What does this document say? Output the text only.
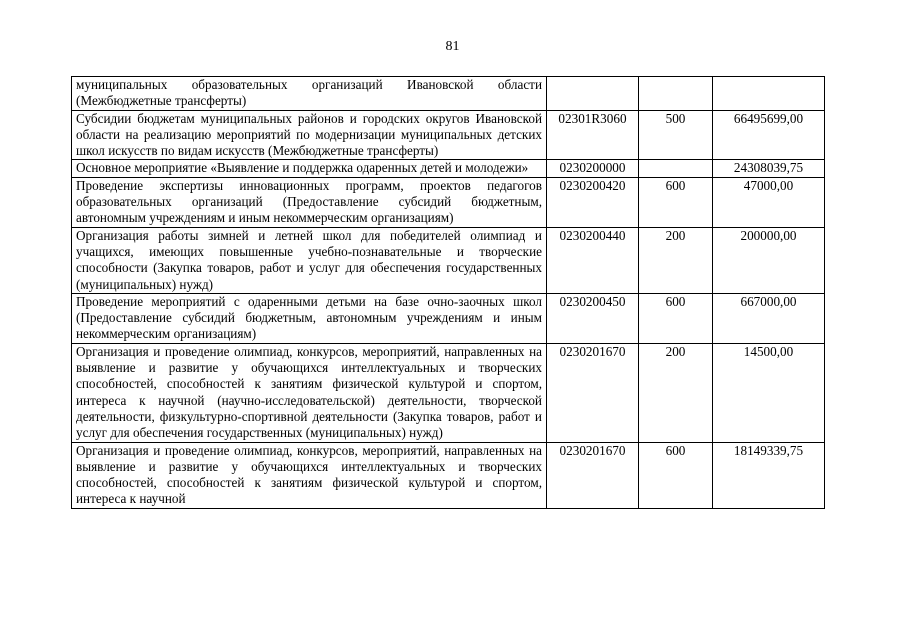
81
муниципальных образовательных организаций Ивановской области (Межбюджетные трансферты)			
Субсидии бюджетам муниципальных районов и городских округов Ивановской области на реализацию мероприятий по модернизации муниципальных детских школ искусств по видам искусств (Межбюджетные трансферты)	02301R3060	500	66495699,00
Основное мероприятие «Выявление и поддержка одаренных детей и молодежи»	0230200000		24308039,75
Проведение экспертизы инновационных программ, проектов педагогов образовательных организаций (Предоставление субсидий бюджетным, автономным учреждениям и иным некоммерческим организациям)	0230200420	600	47000,00
Организация работы зимней и летней школ для победителей олимпиад и учащихся, имеющих повышенные учебно-познавательные и творческие способности (Закупка товаров, работ и услуг для обеспечения государственных (муниципальных) нужд)	0230200440	200	200000,00
Проведение мероприятий с одаренными детьми на базе очно-заочных школ (Предоставление субсидий бюджетным, автономным учреждениям и иным некоммерческим организациям)	0230200450	600	667000,00
Организация и проведение олимпиад, конкурсов, мероприятий, направленных на выявление и развитие у обучающихся интеллектуальных и творческих способностей, способностей к занятиям физической культурой и спортом, интереса к научной (научно-исследовательской) деятельности, творческой деятельности, физкультурно-спортивной деятельности (Закупка товаров, работ и услуг для обеспечения государственных (муниципальных) нужд)	0230201670	200	14500,00
Организация и проведение олимпиад, конкурсов, мероприятий, направленных на выявление и развитие у обучающихся интеллектуальных и творческих способностей, способностей к занятиям физической культурой и спортом, интереса к научной	0230201670	600	18149339,75
